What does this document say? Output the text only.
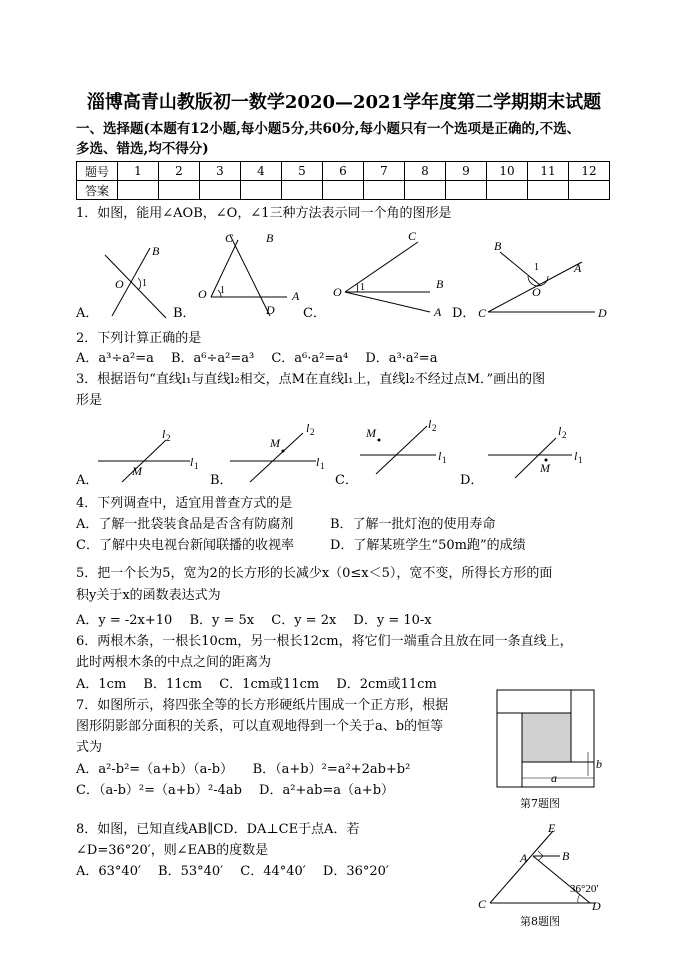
淄博高青山教版初一数学2020—2021学年度第二学期期末试题
一、选择题(本题有12小题,每小题5分,共60分,每小题只有一个选项是正确的,不选、
多选、错选,均不得分)
题号	1	2	3	4	5	6	7	8	9	10	11	12
答案												
1．如图，能用∠AOB，∠O，∠1三种方法表示同一个角的图形是
A．	B．	C．	D．
O
B
1
O
C	B
A
D
1	O
C
B
A
1	O
B
A
C	D
1
2．下列计算正确的是
A．a³÷a²=a　 B．a⁶÷a²=a³　 C．a⁶·a²=a⁴　 D．a³·a²=a
3．根据语句“直线l₁与直线l₂相交，点M在直线l₁上，直线l₂不经过点M．”画出的图
形是
A．	B．	C．	D．
M
l 2
l 1
M
l 2
l 1
M
l 2
l 1
M
l 2
l 1
4．下列调查中，适宜用普查方式的是
A．了解一批袋装食品是否含有防腐剂	B．了解一批灯泡的使用寿命
C．了解中央电视台新闻联播的收视率	D．了解某班学生“50m跑”的成绩
5．把一个长为5，宽为2的长方形的长减少x（0≤x＜5），宽不变，所得长方形的面
积y关于x的函数表达式为
A．y = -2x+10　 B．y = 5x　 C．y = 2x　 D．y = 10-x
6．两根木条，一根长10cm，另一根长12cm，将它们一端重合且放在同一条直线上，
此时两根木条的中点之间的距离为
A．1cm　 B．11cm　 C．1cm或11cm　 D．2cm或11cm
7．如图所示，将四张全等的长方形硬纸片围成一个正方形，根据
图形阴影部分面积的关系，可以直观地得到一个关于a、b的恒等
式为
A．a²-b²=（a+b）（a-b）　　B．（a+b）²=a²+2ab+b²
C．（a-b）²=（a+b）²-4ab　 D．a²+ab=a（a+b）
a
b
第7题图
8．如图，已知直线AB∥CD．DA⊥CE于点A．若
∠D=36°20′，则∠EAB的度数是
A．63°40′　 B．53°40′　 C．44°40′　 D．36°20′
E
A	B
C	D
36°20'
第8题图
